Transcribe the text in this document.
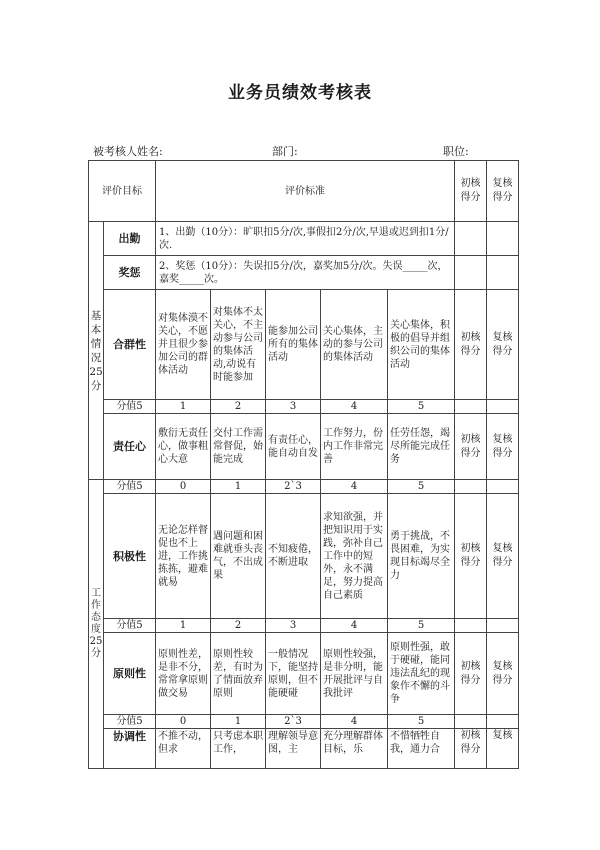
业务员绩效考核表
被考核人姓名:	部门:	职位:
评价目标		评价标准					初核得分	复核得分
基本情况25分	出勤	1、出勤（10分）：旷职扣5分/次,事假扣2分/次,早退或迟到扣1分/次.						
	奖惩	2、奖惩（10分）：失误扣5分/次，嘉奖加5分/次。失误_____次，嘉奖_____次。						
	合群性	对集体漠不关心，不愿并且很少参加公司的群体活动	对集体不太关心，不主动参与公司的集体活动,动说有时能参加	能参加公司所有的集体活动	关心集体，主动的参与公司的集体活动	关心集体，积极的倡导并组织公司的集体活动	初核得分	复核得分
	分值5	1	2	3	4	5		
	责任心	敷衍无责任心，做事粗心大意	交付工作需常督促，始能完成	有责任心，能自动自发	工作努力，份内工作非常完善	任劳任怨，竭尽所能完成任务	初核得分	复核得分
工作态度25分	分值5	0	1	2`3	4	5		
	积极性	无论怎样督促也不上进，工作挑拣拣，避难就易	遇问题和困难就垂头丧气，不出成果	不知疲倦，不断进取	求知欲强，并把知识用于实践，弥补自己工作中的短外，永不满足，努力提高自己素质	勇于挑战，不畏困难，为实现目标竭尽全力	初核得分	复核得分
	分值5	1	2	3	4	5		
	原则性	原则性差，是非不分，常常拿原则做交易	原则性较差，有时为了情面放弃原则	一般情况下，能坚持原则，但不能硬碰	原则性较强，是非分明，能开展批评与自我批评	原则性强，敢于硬碰，能同违法乱纪的现象作不懈的斗争	初核得分	复核得分
	分值5	0	1	2`3	4	5		
	协调性	不推不动，但求	只考虑本职工作，	理解领导意图，主	充分理解群体目标，乐	不惜牺牲自我，通力合	初核得分	复核
